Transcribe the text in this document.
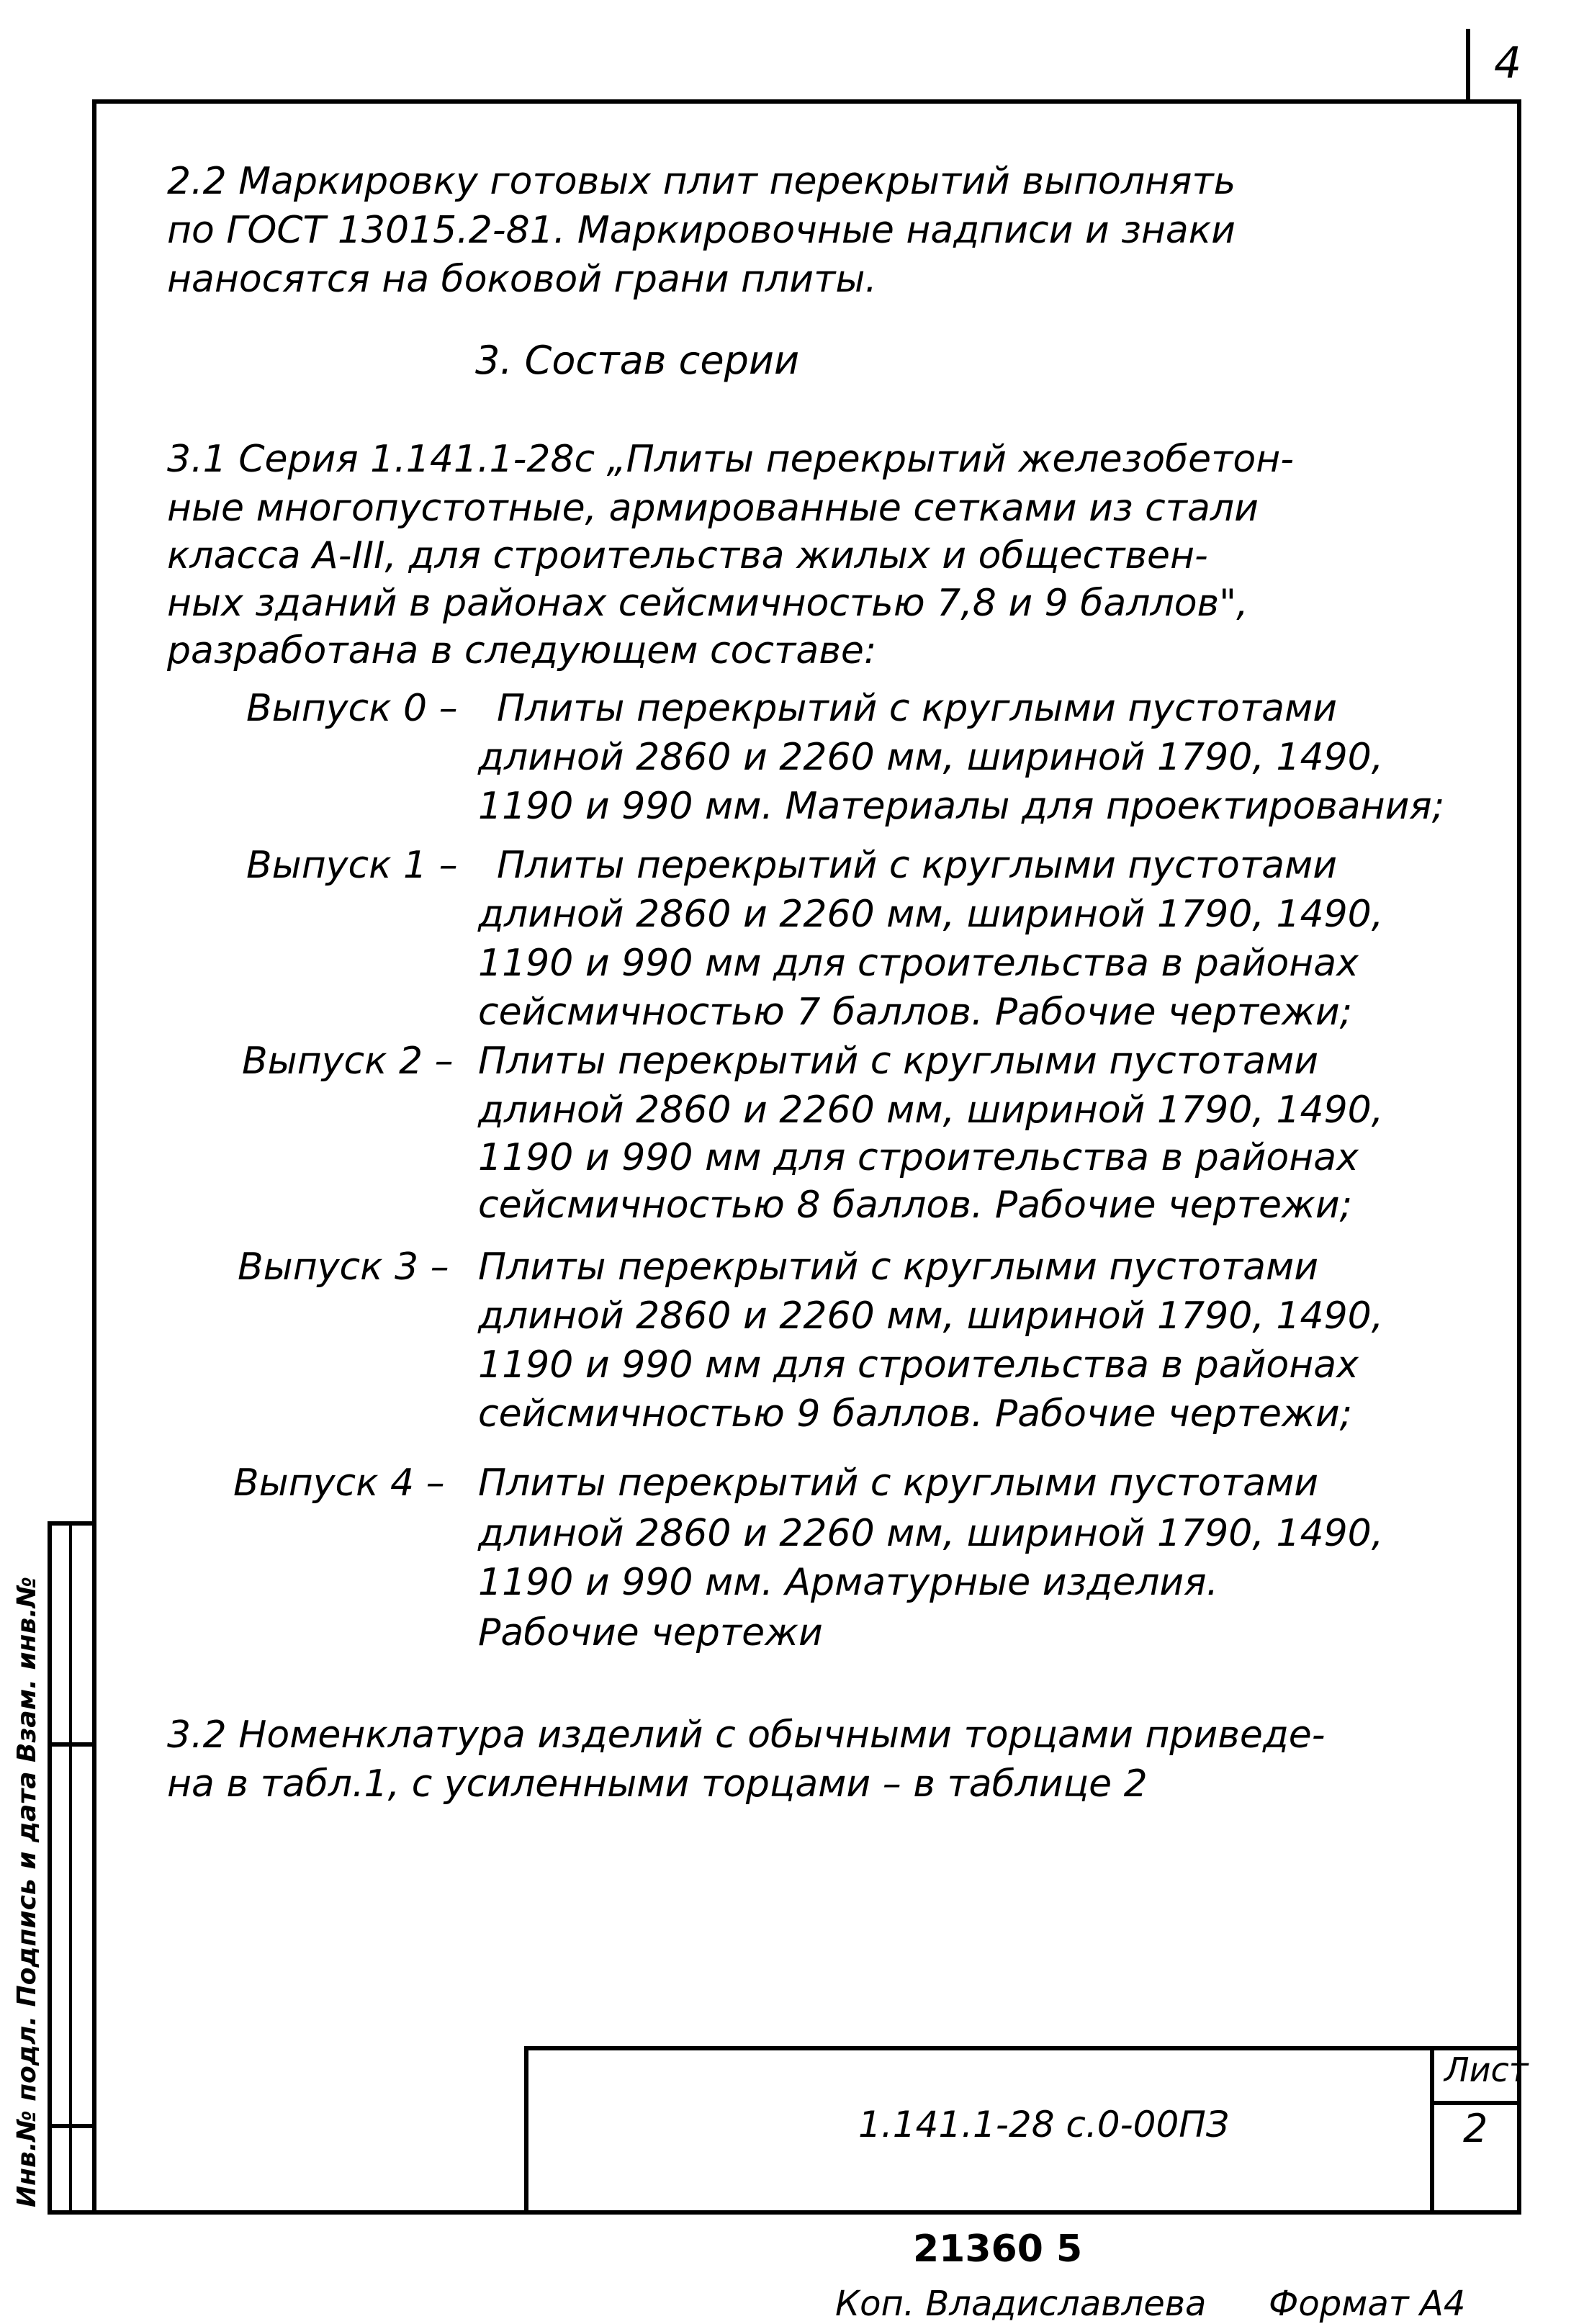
4
Инв.№ подл. Подпись и дата Взам. инв.№
2.2 Маркировку готовых плит перекрытий выполнять
по ГОСТ 13015.2-81. Маркировочные надписи и знаки
наносятся на боковой грани плиты.
3. Состав серии
3.1 Серия 1.141.1-28с „Плиты перекрытий железобетон-
ные многопустотные, армированные сетками из стали
класса А-III, для строительства жилых и обществен-
ных зданий в районах сейсмичностью 7,8 и 9 баллов",
разработана в следующем составе:
Выпуск 0 – Плиты перекрытий с круглыми пустотами
длиной 2860 и 2260 мм, шириной 1790, 1490,
1190 и 990 мм. Материалы для проектирования;
Выпуск 1 – Плиты перекрытий с круглыми пустотами
длиной 2860 и 2260 мм, шириной 1790, 1490,
1190 и 990 мм для строительства в районах
сейсмичностью 7 баллов. Рабочие чертежи;
Выпуск 2 – Плиты перекрытий с круглыми пустотами
длиной 2860 и 2260 мм, шириной 1790, 1490,
1190 и 990 мм для строительства в районах
сейсмичностью 8 баллов. Рабочие чертежи;
Выпуск 3 – Плиты перекрытий с круглыми пустотами
длиной 2860 и 2260 мм, шириной 1790, 1490,
1190 и 990 мм для строительства в районах
сейсмичностью 9 баллов. Рабочие чертежи;
Выпуск 4 – Плиты перекрытий с круглыми пустотами
длиной 2860 и 2260 мм, шириной 1790, 1490,
1190 и 990 мм. Арматурные изделия.
Рабочие чертежи
3.2 Номенклатура изделий с обычными торцами приведе-
на в табл.1, с усиленными торцами – в таблице 2
1.141.1-28 с.0-00ПЗ
Лист
2
21360 5
Коп. Владиславлева Формат А4
